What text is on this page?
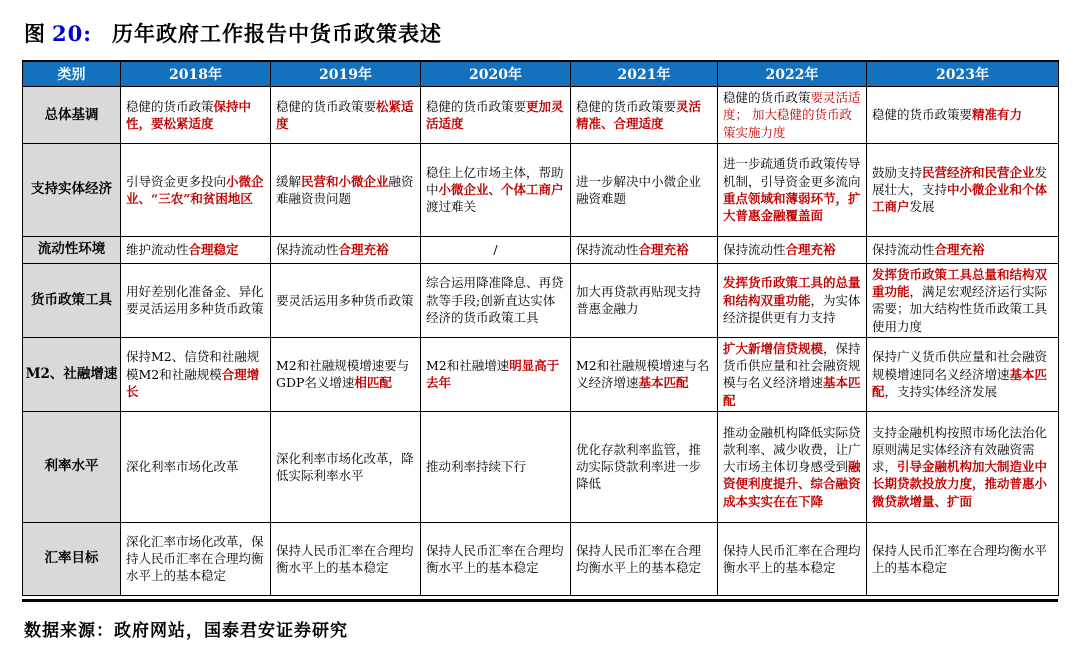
图 20: 历年政府工作报告中货币政策表述
类别	2018年	2019年	2020年	2021年	2022年	2023年
总体基调	稳健的货币政策保持中性，要松紧适度	稳健的货币政策要松紧适度	稳健的货币政策要更加灵活适度	稳健的货币政策要灵活精准、合理适度	稳健的货币政策要灵活适度； 加大稳健的货币政策实施力度	稳健的货币政策要精准有力
支持实体经济	引导资金更多投向小微企业、“三农”和贫困地区	缓解民营和小微企业融资难融资贵问题	稳住上亿市场主体，帮助中小微企业、个体工商户渡过难关	进一步解决中小微企业融资难题	进一步疏通货币政策传导机制，引导资金更多流向重点领域和薄弱环节，扩大普惠金融覆盖面	鼓励支持民营经济和民营企业发展壮大，支持中小微企业和个体工商户发展
流动性环境	维护流动性合理稳定	保持流动性合理充裕	/	保持流动性合理充裕	保持流动性合理充裕	保持流动性合理充裕
货币政策工具	用好差别化准备金、异化 要灵活运用多种货币政策	要灵活运用多种货币政策	综合运用降准降息、再贷款等手段;创新直达实体经济的货币政策工具	加大再贷款再贴现支持普惠金融力	发挥货币政策工具的总量和结构双重功能，为实体经济提供更有力支持	发挥货币政策工具总量和结构双重功能，满足宏观经济运行实际需要；加大结构性货币政策工具使用力度
M2、社融增速	保持M2、信贷和社融规模M2和社融规模合理增长	M2和社融规模增速要与GDP名义增速相匹配	M2和社融增速明显高于去年	M2和社融规模增速与名义经济增速基本匹配	扩大新增信贷规模，保持货币供应量和社会融资规模与名义经济增速基本匹配	保持广义货币供应量和社会融资规模增速同名义经济增速基本匹配，支持实体经济发展
利率水平	深化利率市场化改革	深化利率市场化改革，降低实际利率水平	推动利率持续下行	优化存款利率监管，推动实际贷款利率进一步降低	推动金融机构降低实际贷款利率、减少收费，让广大市场主体切身感受到融资便利度提升、综合融资成本实实在在下降	支持金融机构按照市场化法治化原则满足实体经济有效融资需求，引导金融机构加大制造业中长期贷款投放力度，推动普惠小微贷款增量、扩面
汇率目标	深化汇率市场化改革，保持人民币汇率在合理均衡水平上的基本稳定	保持人民币汇率在合理均衡水平上的基本稳定	保持人民币汇率在合理均衡水平上的基本稳定	保持人民币汇率在合理均衡水平上的基本稳定	保持人民币汇率在合理均衡水平上的基本稳定	保持人民币汇率在合理均衡水平上的基本稳定
数据来源：政府网站，国泰君安证券研究
